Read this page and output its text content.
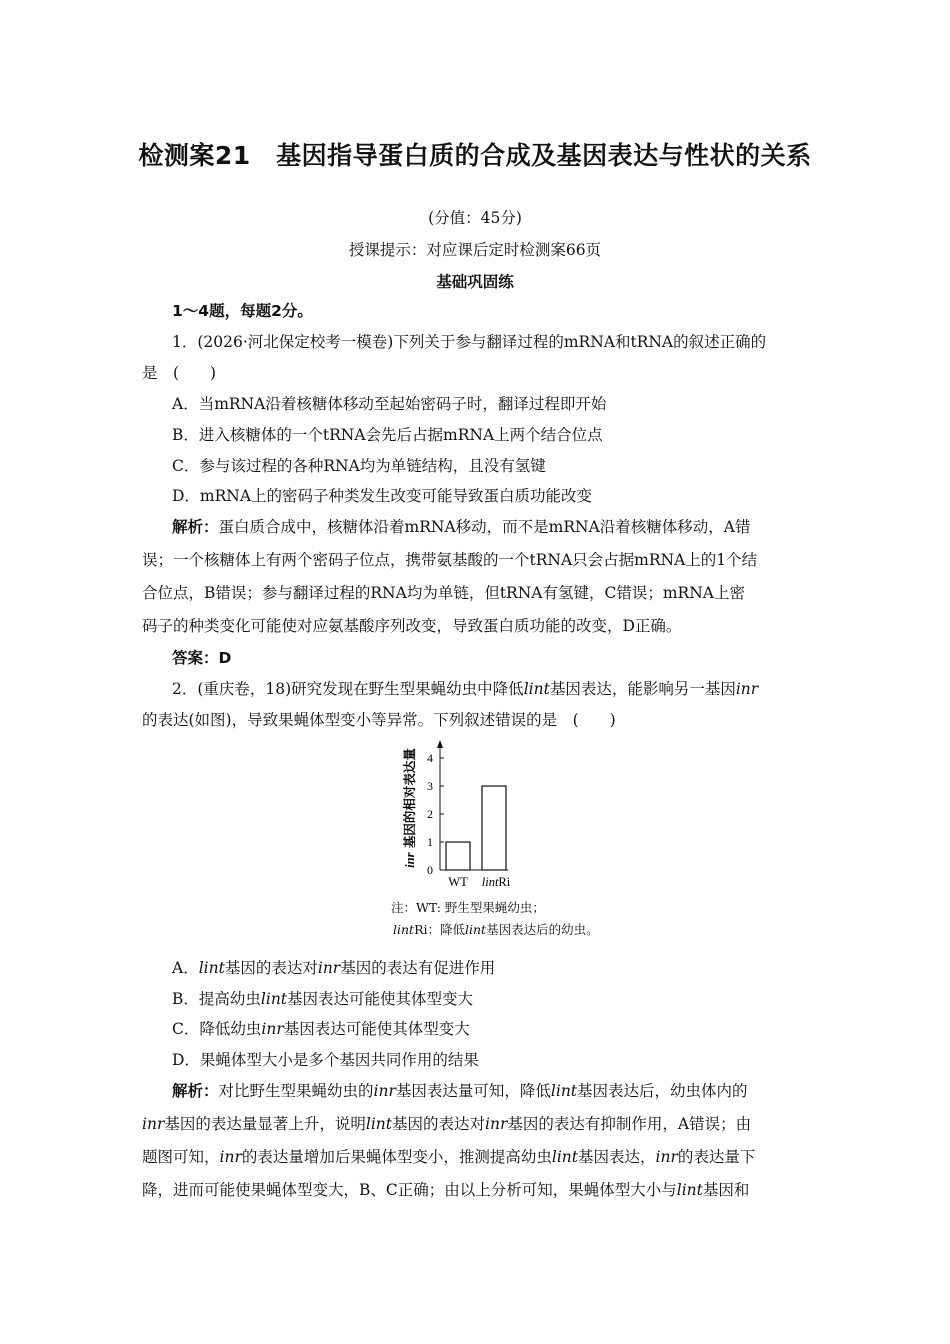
检测案21　基因指导蛋白质的合成及基因表达与性状的关系
(分值：45分)
授课提示：对应课后定时检测案66页
基础巩固练
1～4题，每题2分。
1．(2026·河北保定校考一模卷)下列关于参与翻译过程的mRNA和tRNA的叙述正确的
是　(　　)
A．当mRNA沿着核糖体移动至起始密码子时，翻译过程即开始
B．进入核糖体的一个tRNA会先后占据mRNA上两个结合位点
C．参与该过程的各种RNA均为单链结构，且没有氢键
D．mRNA上的密码子种类发生改变可能导致蛋白质功能改变
解析：蛋白质合成中，核糖体沿着mRNA移动，而不是mRNA沿着核糖体移动，A错
误；一个核糖体上有两个密码子位点，携带氨基酸的一个tRNA只会占据mRNA上的1个结
合位点，B错误；参与翻译过程的RNA均为单链，但tRNA有氢键，C错误；mRNA上密
码子的种类变化可能使对应氨基酸序列改变，导致蛋白质功能的改变，D正确。
答案：D
2．(重庆卷，18)研究发现在野生型果蝇幼虫中降低lint基因表达，能影响另一基因inr
的表达(如图)，导致果蝇体型变小等异常。下列叙述错误的是　(　　)
0
1
2
3
4
WT lintRi
inr 基因的相对表达量
注：WT: 野生型果蝇幼虫；
lintRi：降低lint基因表达后的幼虫。
A．lint基因的表达对inr基因的表达有促进作用
B．提高幼虫lint基因表达可能使其体型变大
C．降低幼虫inr基因表达可能使其体型变大
D．果蝇体型大小是多个基因共同作用的结果
解析：对比野生型果蝇幼虫的inr基因表达量可知，降低lint基因表达后，幼虫体内的
inr基因的表达量显著上升，说明lint基因的表达对inr基因的表达有抑制作用，A错误；由
题图可知，inr的表达量增加后果蝇体型变小，推测提高幼虫lint基因表达，inr的表达量下
降，进而可能使果蝇体型变大，B、C正确；由以上分析可知，果蝇体型大小与lint基因和
